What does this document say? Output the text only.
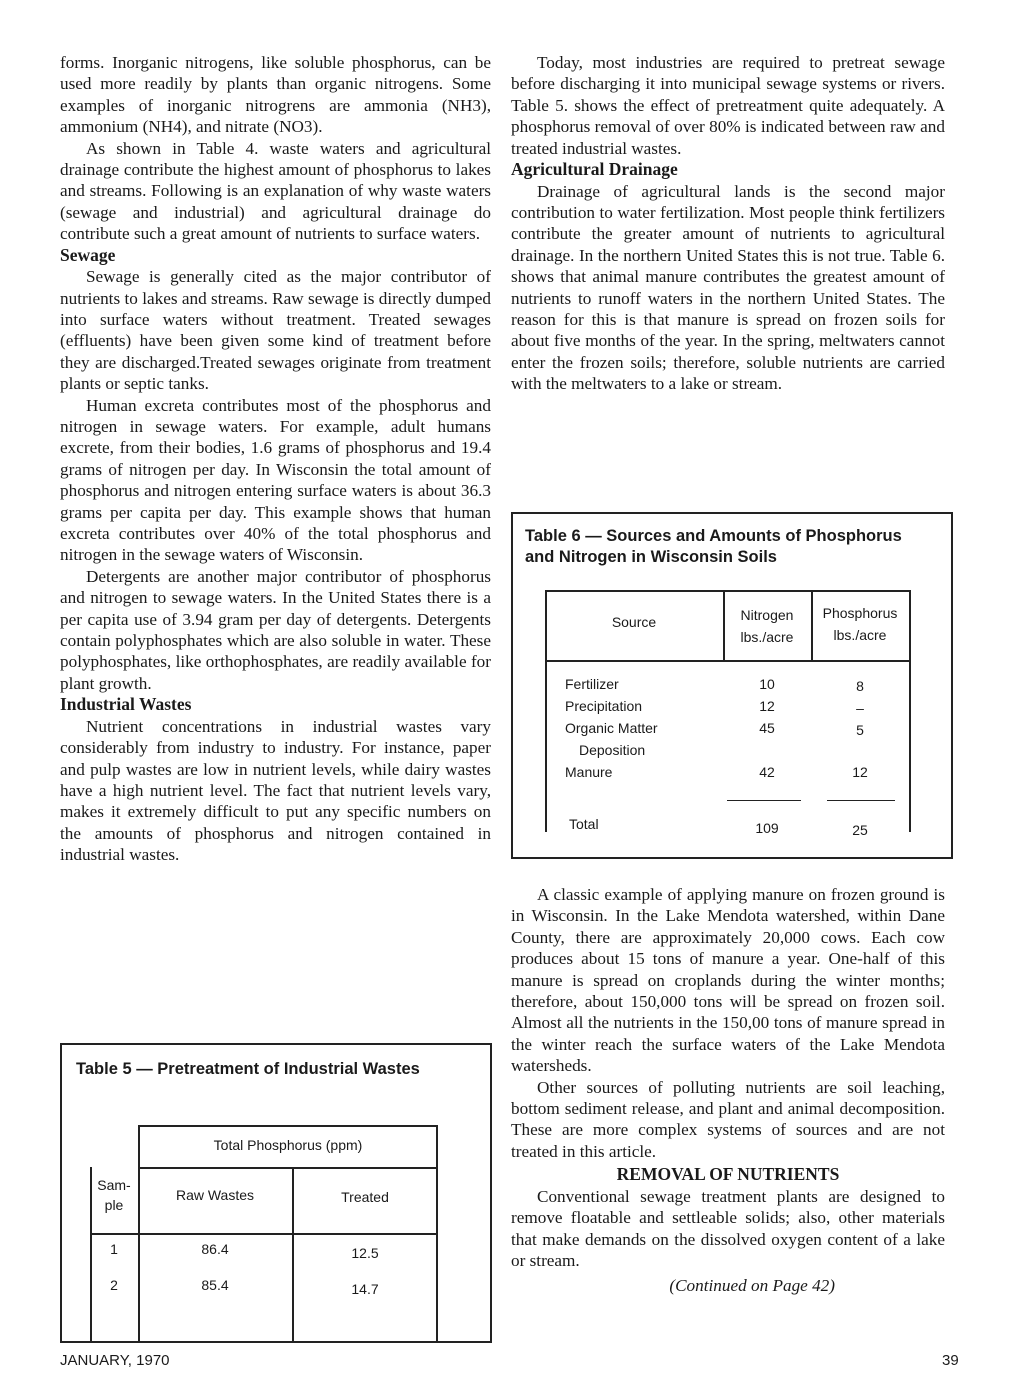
forms. Inorganic nitrogens, like soluble phosphorus, can be used more readily by plants than organic nitrogens. Some examples of inorganic nitrogrens are ammonia (NH3), ammonium (NH4), and nitrate (NO3).

As shown in Table 4. waste waters and agricultural drainage contribute the highest amount of phosphorus to lakes and streams. Following is an explanation of why waste waters (sewage and industrial) and agricultural drainage do contribute such a great amount of nutrients to surface waters.

Sewage

Sewage is generally cited as the major contributor of nutrients to lakes and streams. Raw sewage is directly dumped into surface waters without treatment. Treated sewages (effluents) have been given some kind of treatment before they are discharged.Treated sewages originate from treatment plants or septic tanks.

Human excreta contributes most of the phosphorus and nitrogen in sewage waters. For example, adult humans excrete, from their bodies, 1.6 grams of phosphorus and 19.4 grams of nitrogen per day. In Wisconsin the total amount of phosphorus and nitrogen entering surface waters is about 36.3 grams per capita per day. This example shows that human excreta contributes over 40% of the total phosphorus and nitrogen in the sewage waters of Wisconsin.

Detergents are another major contributor of phosphorus and nitrogen to sewage waters. In the United States there is a per capita use of 3.94 gram per day of detergents. Detergents contain polyphosphates which are also soluble in water. These polyphosphates, like orthophosphates, are readily available for plant growth.

Industrial Wastes

Nutrient concentrations in industrial wastes vary considerably from industry to industry. For instance, paper and pulp wastes are low in nutrient levels, while dairy wastes have a high nutrient level. The fact that nutrient levels vary, makes it extremely difficult to put any specific numbers on the amounts of phosphorus and nitrogen contained in industrial wastes.

Table 5 — Pretreatment of Industrial Wastes
Total Phosphorus (ppm)
Sam-
ple
Raw Wastes	Treated
1	86.4	12.5
2	85.4	14.7

Today, most industries are required to pretreat sewage before discharging it into municipal sewage systems or rivers. Table 5. shows the effect of pretreatment quite adequately. A phosphorus removal of over 80% is indicated between raw and treated industrial wastes.

Agricultural Drainage

Drainage of agricultural lands is the second major contribution to water fertilization. Most people think fertilizers contribute the greater amount of nutrients to agricultural drainage. In the northern United States this is not true. Table 6. shows that animal manure contributes the greatest amount of nutrients to runoff waters in the northern United States. The reason for this is that manure is spread on frozen soils for about five months of the year. In the spring, meltwaters cannot enter the frozen soils; therefore, soluble nutrients are carried with the meltwaters to a lake or stream.

A classic example of applying manure on frozen ground is in Wisconsin. In the Lake Mendota watershed, within Dane County, there are approximately 20,000 cows. Each cow produces about 15 tons of manure a year. One-half of this manure is spread on croplands during the winter months; therefore, about 150,000 tons will be spread on frozen soil. Almost all the nutrients in the 150,00 tons of manure spread in the winter reach the surface waters of the Lake Mendota watersheds.

Other sources of polluting nutrients are soil leaching, bottom sediment release, and plant and animal decomposition. These are more complex systems of sources and are not treated in this article.

REMOVAL OF NUTRIENTS

Conventional sewage treatment plants are designed to remove floatable and settleable solids; also, other materials that make demands on the dissolved oxygen content of a lake or stream.

(Continued on Page 42)

Table 6 — Sources and Amounts of Phosphorus and Nitrogen in Wisconsin Soils
Source	Nitrogen
lbs./acre
Phosphorus
lbs./acre
Fertilizer	10	8
Precipitation	12	–
Organic Matter	45	5
Deposition
Manure	42	12
Total	109	25
JANUARY, 1970	39
